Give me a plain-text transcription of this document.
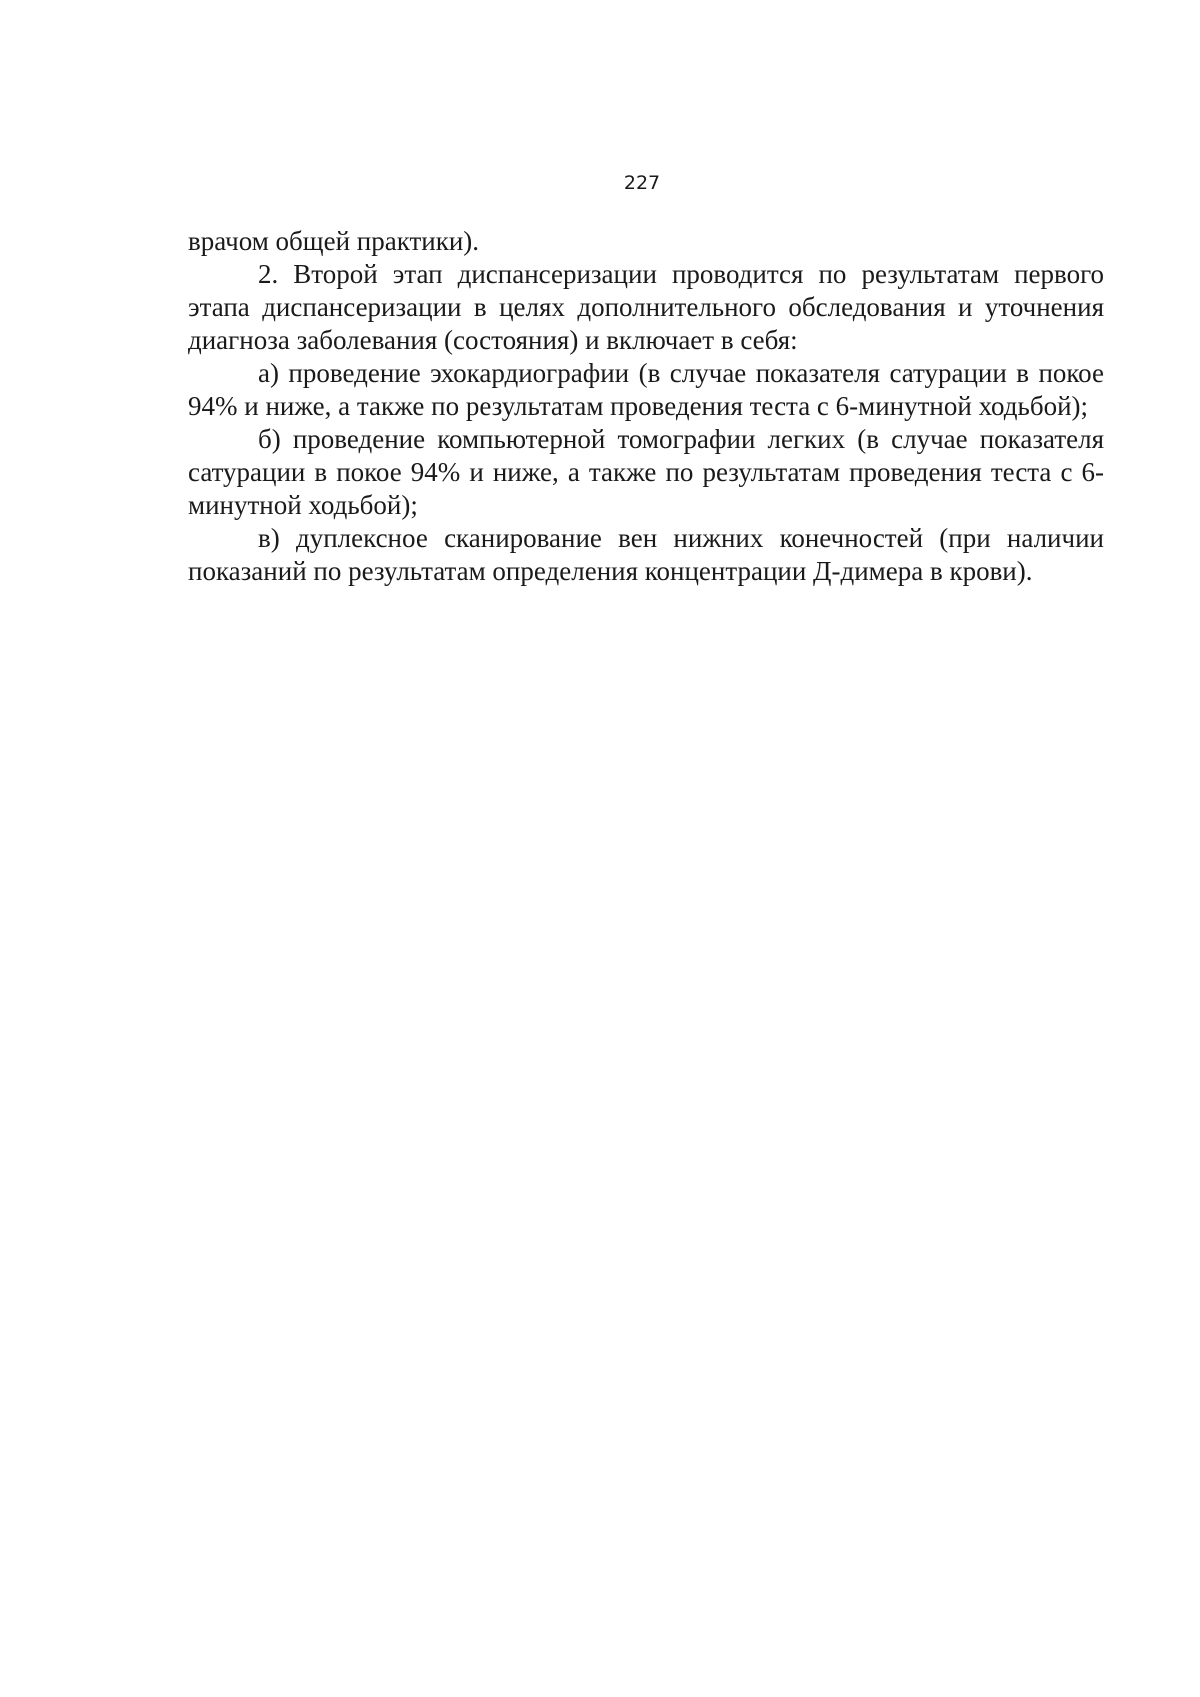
227

врачом общей практики).

2. Второй этап диспансеризации проводится по результатам первого этапа диспансеризации в целях дополнительного обследования и уточнения диагноза заболевания (состояния) и включает в себя:

а) проведение эхокардиографии (в случае показателя сатурации в покое 94% и ниже, а также по результатам проведения теста с 6-минутной ходьбой);

б) проведение компьютерной томографии легких (в случае показателя сатурации в покое 94% и ниже, а также по результатам проведения теста с 6-минутной ходьбой);

в) дуплексное сканирование вен нижних конечностей (при наличии показаний по результатам определения концентрации Д-димера в крови).
